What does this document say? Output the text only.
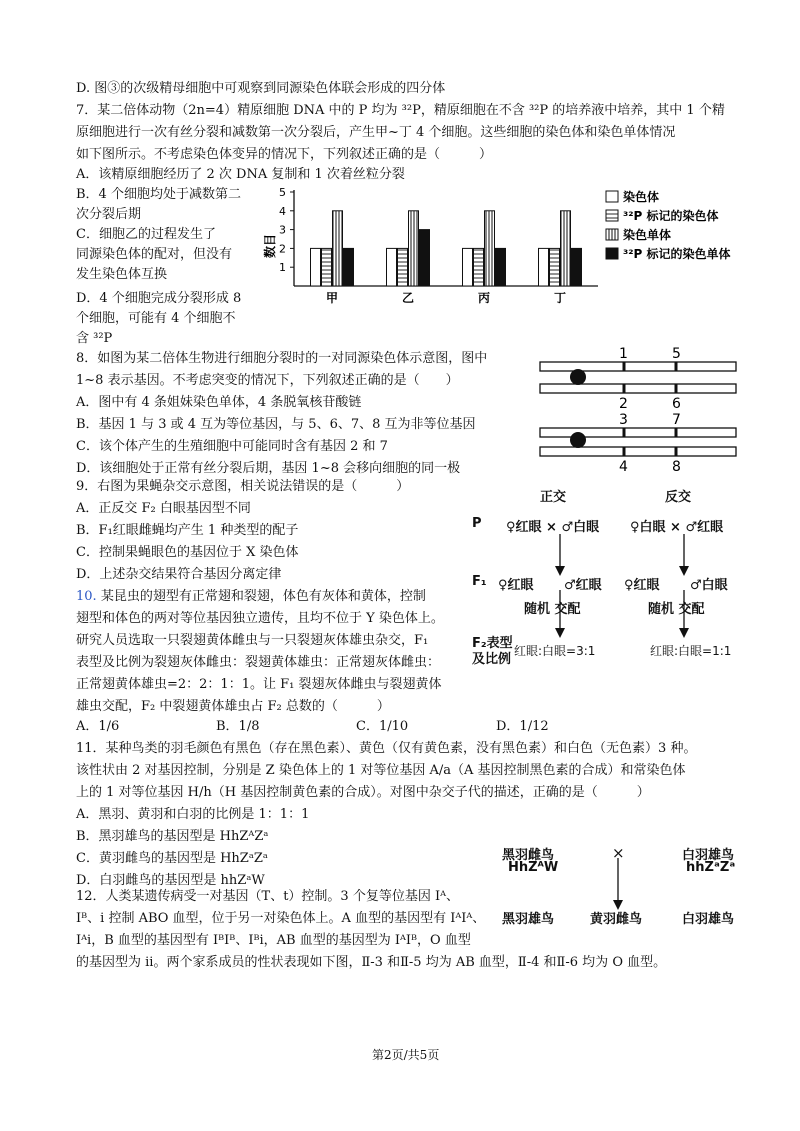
D. 图③的次级精母细胞中可观察到同源染色体联会形成的四分体
7．某二倍体动物（2n=4）精原细胞 DNA 中的 P 均为 ³²P，精原细胞在不含 ³²P 的培养液中培养，其中 1 个精
原细胞进行一次有丝分裂和减数第一次分裂后，产生甲~丁 4 个细胞。这些细胞的染色体和染色单体情况
如下图所示。不考虑染色体变异的情况下，下列叙述正确的是（　　　）
A．该精原细胞经历了 2 次 DNA 复制和 1 次着丝粒分裂
B．4 个细胞均处于减数第二
次分裂后期
C．细胞乙的过程发生了
同源染色体的配对，但没有
发生染色体互换
D．4 个细胞完成分裂形成 8
个细胞，可能有 4 个细胞不
含 ³²P
1
2
3
4
5
甲	乙	丙	丁
数目
染色体
³²P 标记的染色体
染色单体
³²P 标记的染色单体
8．如图为某二倍体生物进行细胞分裂时的一对同源染色体示意图，图中
1~8 表示基因。不考虑突变的情况下，下列叙述正确的是（　　）
A．图中有 4 条姐妹染色单体，4 条脱氧核苷酸链
B．基因 1 与 3 或 4 互为等位基因，与 5、6、7、8 互为非等位基因
C．该个体产生的生殖细胞中可能同时含有基因 2 和 7
D．该细胞处于正常有丝分裂后期，基因 1~8 会移向细胞的同一极
1	5
2	6
3	7
4	8
9．右图为果蝇杂交示意图，相关说法错误的是（　　　）
A．正反交 F₂ 白眼基因型不同
B．F₁红眼雌蝇均产生 1 种类型的配子
C．控制果蝇眼色的基因位于 X 染色体
D．上述杂交结果符合基因分离定律
正交	反交
P ♀红眼 × ♂白眼 ♀白眼 × ♂红眼
F₁ ♀红眼 ♂红眼 ♀红眼 ♂白眼
随机 交配	随机 交配
F₂表型
及比例
红眼:白眼=3:1	红眼:白眼=1:1
10. 某昆虫的翅型有正常翅和裂翅，体色有灰体和黄体，控制
翅型和体色的两对等位基因独立遗传，且均不位于 Y 染色体上。
研究人员选取一只裂翅黄体雌虫与一只裂翅灰体雄虫杂交，F₁
表型及比例为裂翅灰体雌虫：裂翅黄体雄虫：正常翅灰体雌虫：
正常翅黄体雄虫=2：2：1：1。让 F₁ 裂翅灰体雌虫与裂翅黄体
雄虫交配，F₂ 中裂翅黄体雄虫占 F₂ 总数的（　　　）
A．1/6	B．1/8	C．1/10	D．1/12
11．某种鸟类的羽毛颜色有黑色（存在黑色素）、黄色（仅有黄色素，没有黑色素）和白色（无色素）3 种。
该性状由 2 对基因控制，分别是 Z 染色体上的 1 对等位基因 A/a（A 基因控制黑色素的合成）和常染色体
上的 1 对等位基因 H/h（H 基因控制黄色素的合成）。对图中杂交子代的描述，正确的是（　　　）
A．黑羽、黄羽和白羽的比例是 1：1：1
B．黑羽雄鸟的基因型是 HhZᴬZᵃ
C．黄羽雌鸟的基因型是 HhZᵃZᵃ
D．白羽雌鸟的基因型是 hhZᵃW
黑羽雌鸟
HhZᴬW
×	白羽雄鸟
hhZᵃZᵃ
黑羽雄鸟	黄羽雌鸟	白羽雄鸟
12．人类某遗传病受一对基因（T、t）控制。3 个复等位基因 Iᴬ、
Iᴮ、i 控制 ABO 血型，位于另一对染色体上。A 血型的基因型有 IᴬIᴬ、
Iᴬi，B 血型的基因型有 IᴮIᴮ、Iᴮi，AB 血型的基因型为 IᴬIᴮ，O 血型
的基因型为 ii。两个家系成员的性状表现如下图，Ⅱ-3 和Ⅱ-5 均为 AB 血型，Ⅱ-4 和Ⅱ-6 均为 O 血型。
第2页/共5页
